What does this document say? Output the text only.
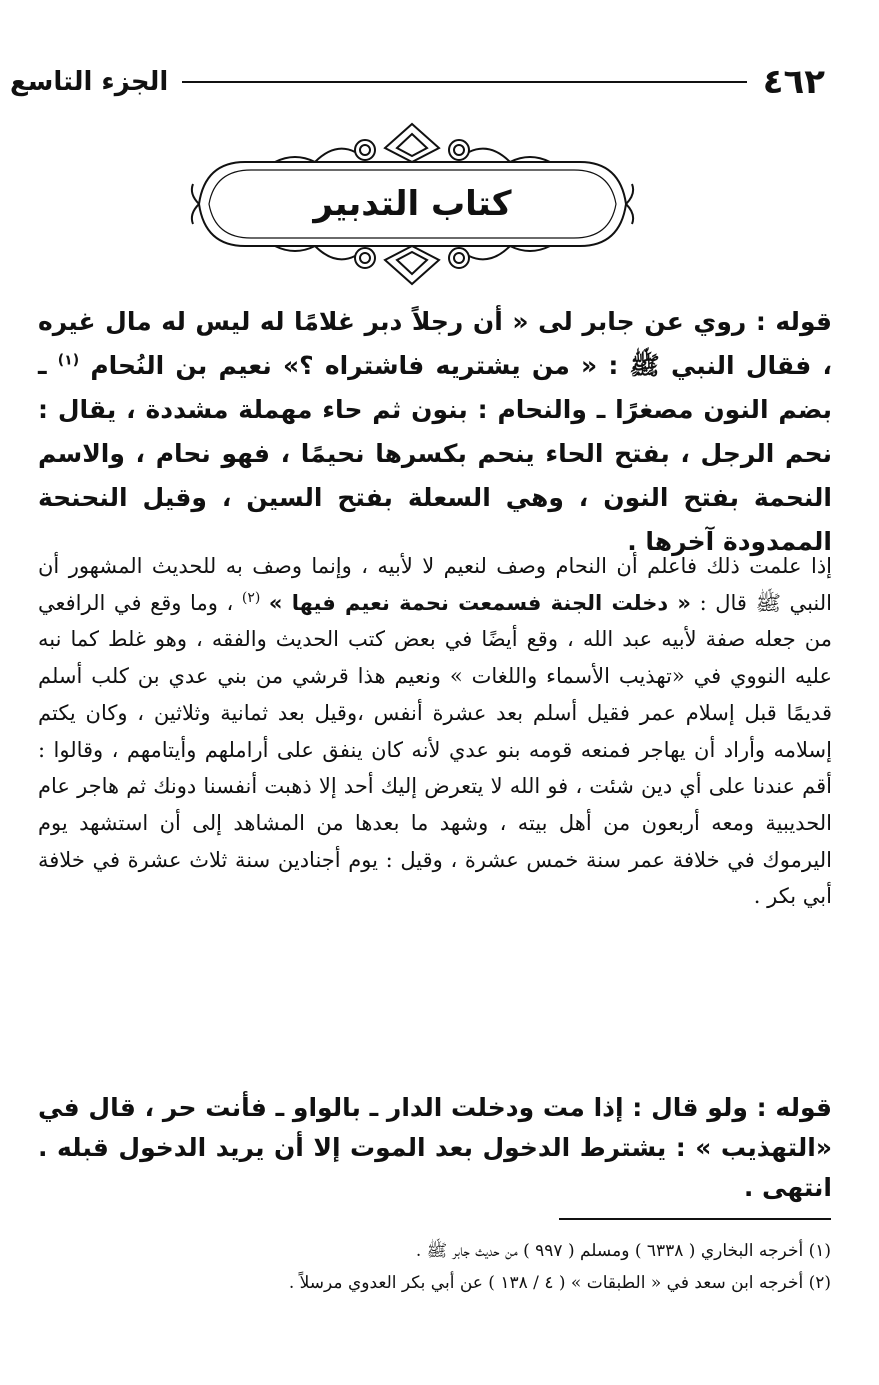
٤٦٢
الجزء التاسع
كتاب التدبير
قوله : روي عن جابر لى « أن رجلاً دبر غلامًا له ليس له مال غيره ، فقال النبي ﷺ : « من يشتريه فاشتراه ؟» نعيم بن النُحام $^{(١)}$ ـ بضم النون مصغرًا ـ والنحام : بنون ثم حاء مهملة مشددة ، يقال : نحم الرجل ، بفتح الحاء ينحم بكسرها نحيمًا ، فهو نحام ، والاسم النحمة بفتح النون ، وهي السعلة بفتح السين ، وقيل النحنحة الممدودة آخرها .
إذا علمت ذلك فاعلم أن النحام وصف لنعيم لا لأبيه ، وإنما وصف به للحديث المشهور أن النبي ﷺ قال : « دخلت الجنة فسمعت نحمة نعيم فيها » $^{(٢)}$ ، وما وقع في الرافعي من جعله صفة لأبيه عبد الله ، وقع أيضًا في بعض كتب الحديث والفقه ، وهو غلط كما نبه عليه النووي في «تهذيب الأسماء واللغات » ونعيم هذا قرشي من بني عدي بن كلب أسلم قديمًا قبل إسلام عمر فقيل أسلم بعد عشرة أنفس ،وقيل بعد ثمانية وثلاثين ، وكان يكتم إسلامه وأراد أن يهاجر فمنعه قومه بنو عدي لأنه كان ينفق على أراملهم وأيتامهم ، وقالوا : أقم عندنا على أي دين شئت ، فو الله لا يتعرض إليك أحد إلا ذهبت أنفسنا دونك ثم هاجر عام الحديبية ومعه أربعون من أهل بيته ، وشهد ما بعدها من المشاهد إلى أن استشهد يوم اليرموك في خلافة عمر سنة خمس عشرة ، وقيل : يوم أجنادين سنة ثلاث عشرة في خلافة أبي بكر .
قوله : ولو قال : إذا مت ودخلت الدار ـ بالواو ـ فأنت حر ، قال في «التهذيب » : يشترط الدخول بعد الموت إلا أن يريد الدخول قبله . انتهى .
(١) أخرجه البخاري ( ٦٣٣٨ ) ومسلم ( ٩٩٧ ) من حديث جابر ﷺ .
(٢) أخرجه ابن سعد في « الطبقات » ( ٤ / ١٣٨ ) عن أبي بكر العدوي مرسلاً .
